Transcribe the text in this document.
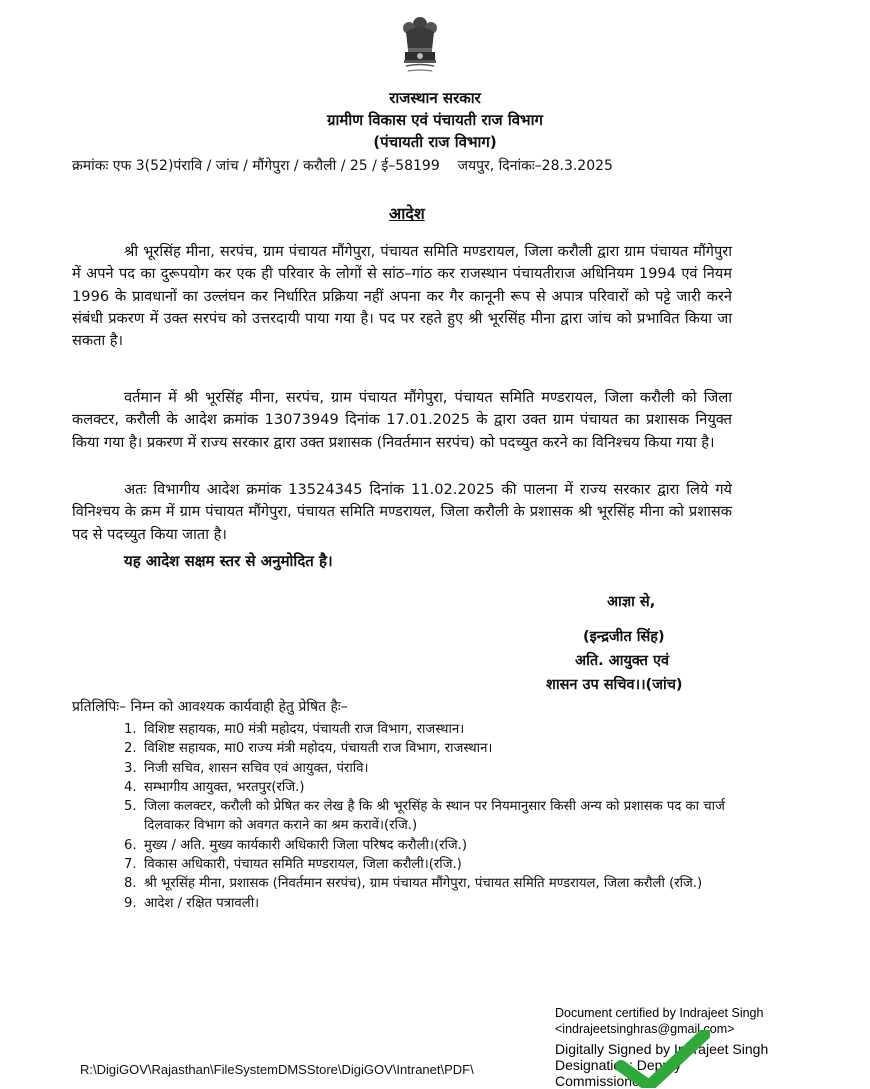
राजस्थान सरकार
ग्रामीण विकास एवं पंचायती राज विभाग
(पंचायती राज विभाग)
क्रमांकः एफ 3(52)पंरावि / जांच / मौंगेपुरा / करौली / 25 / ई–58199 जयपुर, दिनांकः–28.3.2025
आदेश
श्री भूरसिंह मीना, सरपंच, ग्राम पंचायत मौंगेपुरा, पंचायत समिति मण्डरायल, जिला करौली द्वारा ग्राम पंचायत मौंगेपुरा में अपने पद का दुरूपयोग कर एक ही परिवार के लोगों से सांठ–गांठ कर राजस्थान पंचायतीराज अधिनियम 1994 एवं नियम 1996 के प्रावधानों का उल्लंघन कर निर्धारित प्रक्रिया नहीं अपना कर गैर कानूनी रूप से अपात्र परिवारों को पट्टे जारी करने संबंधी प्रकरण में उक्त सरपंच को उत्तरदायी पाया गया है। पद पर रहते हुए श्री भूरसिंह मीना द्वारा जांच को प्रभावित किया जा सकता है।
वर्तमान में श्री भूरसिंह मीना, सरपंच, ग्राम पंचायत मौंगेपुरा, पंचायत समिति मण्डरायल, जिला करौली को जिला कलक्टर, करौली के आदेश क्रमांक 13073949 दिनांक 17.01.2025 के द्वारा उक्त ग्राम पंचायत का प्रशासक नियुक्त किया गया है। प्रकरण में राज्य सरकार द्वारा उक्त प्रशासक (निवर्तमान सरपंच) को पदच्युत करने का विनिश्चय किया गया है।
अतः विभागीय आदेश क्रमांक 13524345 दिनांक 11.02.2025 की पालना में राज्य सरकार द्वारा लिये गये विनिश्चय के क्रम में ग्राम पंचायत मौंगेपुरा, पंचायत समिति मण्डरायल, जिला करौली के प्रशासक श्री भूरसिंह मीना को प्रशासक पद से पदच्युत किया जाता है।
यह आदेश सक्षम स्तर से अनुमोदित है।
आज्ञा से,
(इन्द्रजीत सिंह)
अति. आयुक्त एवं
शासन उप सचिव।।(जांच)
प्रतिलिपिः– निम्न को आवश्यक कार्यवाही हेतु प्रेषित हैः–
1. विशिष्ट सहायक, मा0 मंत्री महोदय, पंचायती राज विभाग, राजस्थान।
2. विशिष्ट सहायक, मा0 राज्य मंत्री महोदय, पंचायती राज विभाग, राजस्थान।
3. निजी सचिव, शासन सचिव एवं आयुक्त, पंरावि।
4. सम्भागीय आयुक्त, भरतपुर(रजि.)
5. जिला कलक्टर, करौली को प्रेषित कर लेख है कि श्री भूरसिंह के स्थान पर नियमानुसार किसी अन्य को प्रशासक पद का चार्ज दिलवाकर विभाग को अवगत कराने का श्रम करावें।(रजि.)
6. मुख्य / अति. मुख्य कार्यकारी अधिकारी जिला परिषद करौली।(रजि.)
7. विकास अधिकारी, पंचायत समिति मण्डरायल, जिला करौली।(रजि.)
8. श्री भूरसिंह मीना, प्रशासक (निवर्तमान सरपंच), ग्राम पंचायत मौंगेपुरा, पंचायत समिति मण्डरायल, जिला करौली (रजि.)
9. आदेश / रक्षित पत्रावली।
Document certified by Indrajeet Singh
<indrajeetsinghras@gmail.com>
Digitally Signed by Indrajeet Singh
Designation: Deputy
Commissioner
R:\DigiGOV\Rajasthan\FileSystemDMSStore\DigiGOV\Intranet\PDF\
